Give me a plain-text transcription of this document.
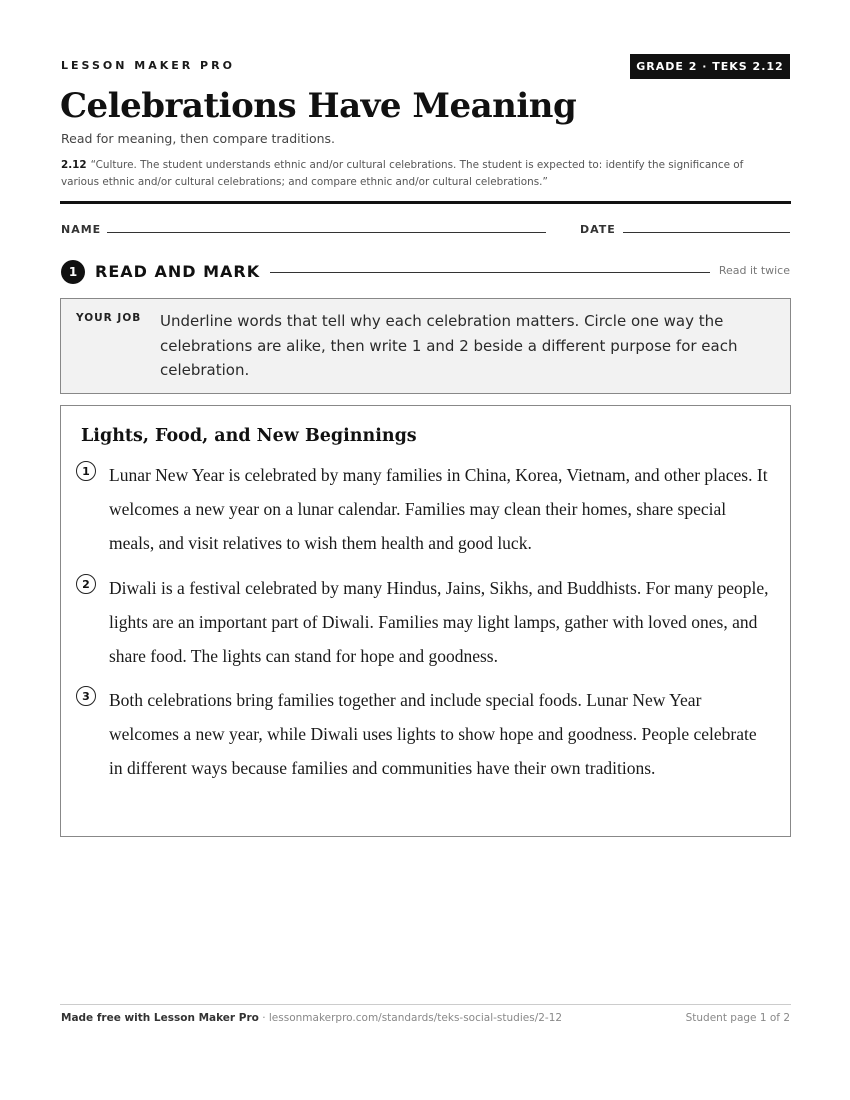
LESSON MAKER PRO	GRADE 2 · TEKS 2.12
Celebrations Have Meaning
Read for meaning, then compare traditions.
2.12 “Culture. The student understands ethnic and/or cultural celebrations. The student is expected to: identify the significance of various ethnic and/or cultural celebrations; and compare ethnic and/or cultural celebrations.”
NAME	DATE
1	READ AND MARK	Read it twice
YOUR JOB Underline words that tell why each celebration matters. Circle one way the celebrations are alike, then write 1 and 2 beside a different purpose for each celebration.
Lights, Food, and New Beginnings
1	Lunar New Year is celebrated by many families in China, Korea, Vietnam, and other places. It welcomes a new year on a lunar calendar. Families may clean their homes, share special meals, and visit relatives to wish them health and good luck.
2	Diwali is a festival celebrated by many Hindus, Jains, Sikhs, and Buddhists. For many people, lights are an important part of Diwali. Families may light lamps, gather with loved ones, and share food. The lights can stand for hope and goodness.
3	Both celebrations bring families together and include special foods. Lunar New Year welcomes a new year, while Diwali uses lights to show hope and goodness. People celebrate in different ways because families and communities have their own traditions.
Made free with Lesson Maker Pro · lessonmakerpro.com/standards/teks-social-studies/2-12	Student page 1 of 2
